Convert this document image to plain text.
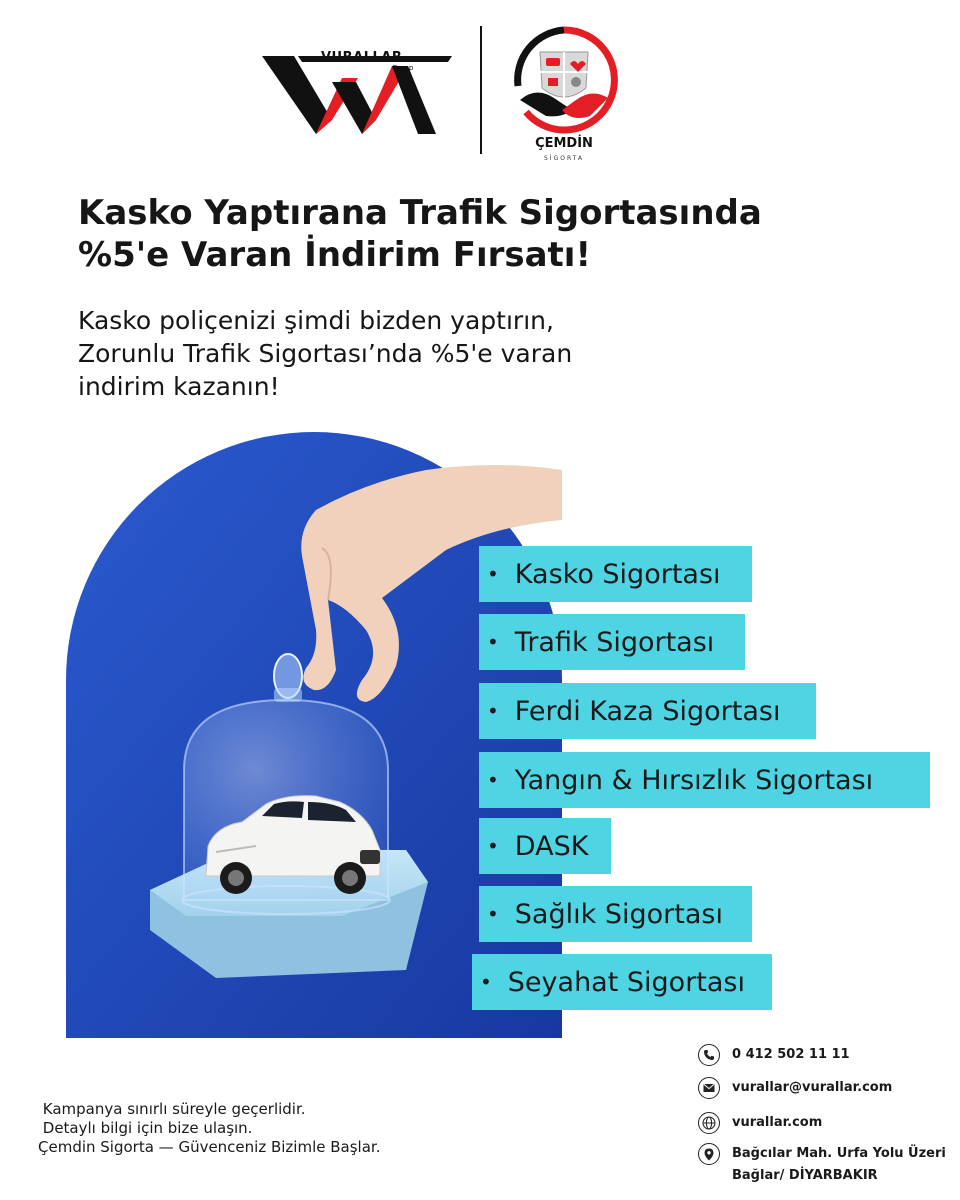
VURALLAR
Group
ÇEMDİN
SİGORTA
Kasko Yaptırana Trafik Sigortasında
%5'e Varan İndirim Fırsatı!
Kasko poliçenizi şimdi bizden yaptırın,
Zorunlu Trafik Sigortası’nda %5'e varan
indirim kazanın!
• Kasko Sigortası
• Trafik Sigortası
• Ferdi Kaza Sigortası
• Yangın & Hırsızlık Sigortası
• DASK
• Sağlık Sigortası
• Seyahat Sigortası
Kampanya sınırlı süreyle geçerlidir.
Detaylı bilgi için bize ulaşın.
Çemdin Sigorta — Güvenceniz Bizimle Başlar.
0 412 502 11 11
vurallar@vurallar.com
vurallar.com
Bağcılar Mah. Urfa Yolu Üzeri
Bağlar/ DİYARBAKIR
